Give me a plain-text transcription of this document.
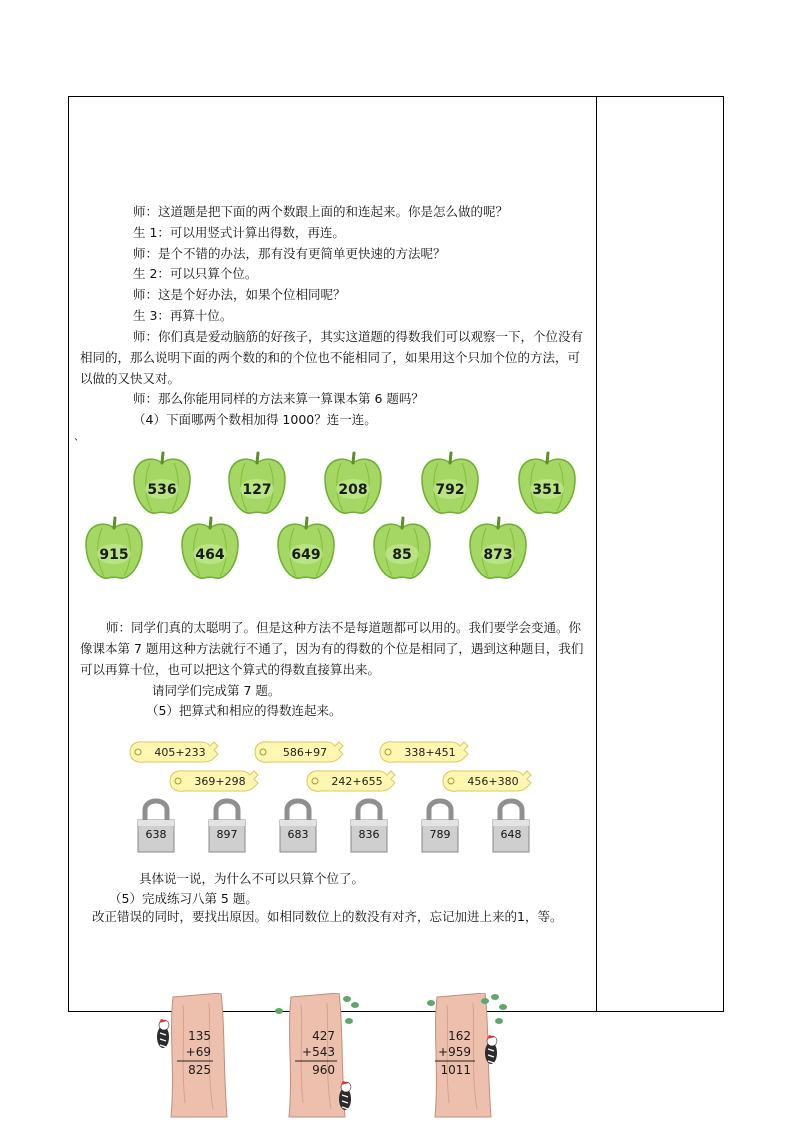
师：这道题是把下面的两个数跟上面的和连起来。你是怎么做的呢？
生 1：可以用竖式计算出得数，再连。
师：是个不错的办法，那有没有更简单更快速的方法呢？
生 2：可以只算个位。
师：这是个好办法，如果个位相同呢？
生 3：再算十位。
师：你们真是爱动脑筋的好孩子，其实这道题的得数我们可以观察一下，个位没有相同的，那么说明下面的两个数的和的个位也不能相同了，如果用这个只加个位的方法，可以做的又快又对。
师：那么你能用同样的方法来算一算课本第 6 题吗？
（4）下面哪两个数相加得 1000？连一连。
、
536	127	208	792	351
915	464	649	85	873
师：同学们真的太聪明了。但是这种方法不是每道题都可以用的。我们要学会变通。你像课本第 7 题用这种方法就行不通了，因为有的得数的个位是相同了，遇到这种题目，我们可以再算十位，也可以把这个算式的得数直接算出来。
请同学们完成第 7 题。
（5）把算式和相应的得数连起来。
405+233	586+97	338+451
369+298	242+655	456+380
638	897	683	836	789	648
具体说一说，为什么不可以只算个位了。
（5）完成练习八第 5 题。
改正错误的同时，要找出原因。如相同数位上的数没有对齐，忘记加进上来的1，等。
135
+69
825
427
+543
960
162
+959
1011
